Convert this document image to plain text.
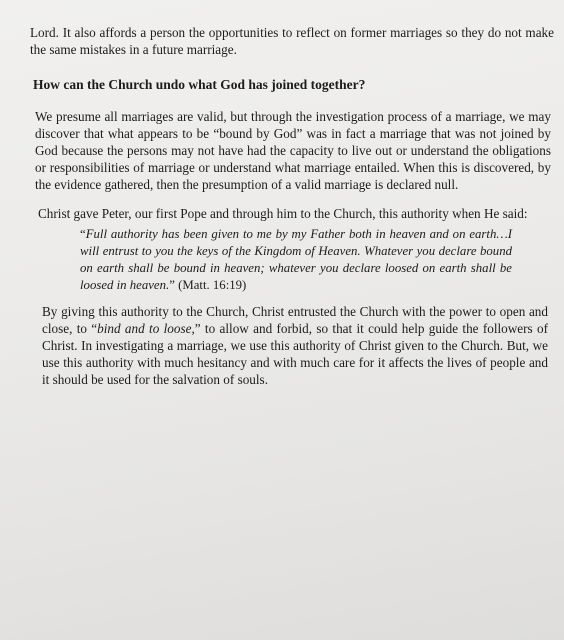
Lord. It also affords a person the opportunities to reflect on former marriages so they do not make the same mistakes in a future marriage.

How can the Church undo what God has joined together?

We presume all marriages are valid, but through the investigation process of a marriage, we may discover that what appears to be “bound by God” was in fact a marriage that was not joined by God because the persons may not have had the capacity to live out or understand the obligations or responsibilities of marriage or understand what marriage entailed. When this is discovered, by the evidence gathered, then the presumption of a valid marriage is declared null.

Christ gave Peter, our first Pope and through him to the Church, this authority when He said:

“Full authority has been given to me by my Father both in heaven and on earth…I will entrust to you the keys of the Kingdom of Heaven. Whatever you declare bound on earth shall be bound in heaven; whatever you declare loosed on earth shall be loosed in heaven.” (Matt. 16:19)

By giving this authority to the Church, Christ entrusted the Church with the power to open and close, to “bind and to loose,” to allow and forbid, so that it could help guide the followers of Christ. In investigating a marriage, we use this authority of Christ given to the Church. But, we use this authority with much hesitancy and with much care for it affects the lives of people and it should be used for the salvation of souls.
